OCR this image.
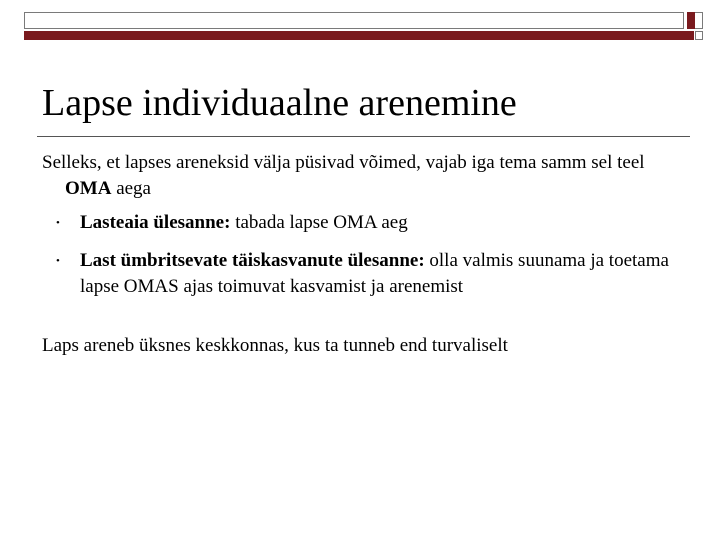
Lapse individuaalne arenemine

Selleks, et lapses areneksid välja püsivad võimed, vajab iga tema samm sel teel OMA aega

• Lasteaia ülesanne: tabada lapse OMA aeg
• Last ümbritsevate täiskasvanute ülesanne: olla valmis suunama ja toetama lapse OMAS ajas toimuvat kasvamist ja arenemist

Laps areneb üksnes keskkonnas, kus ta tunneb end turvaliselt
